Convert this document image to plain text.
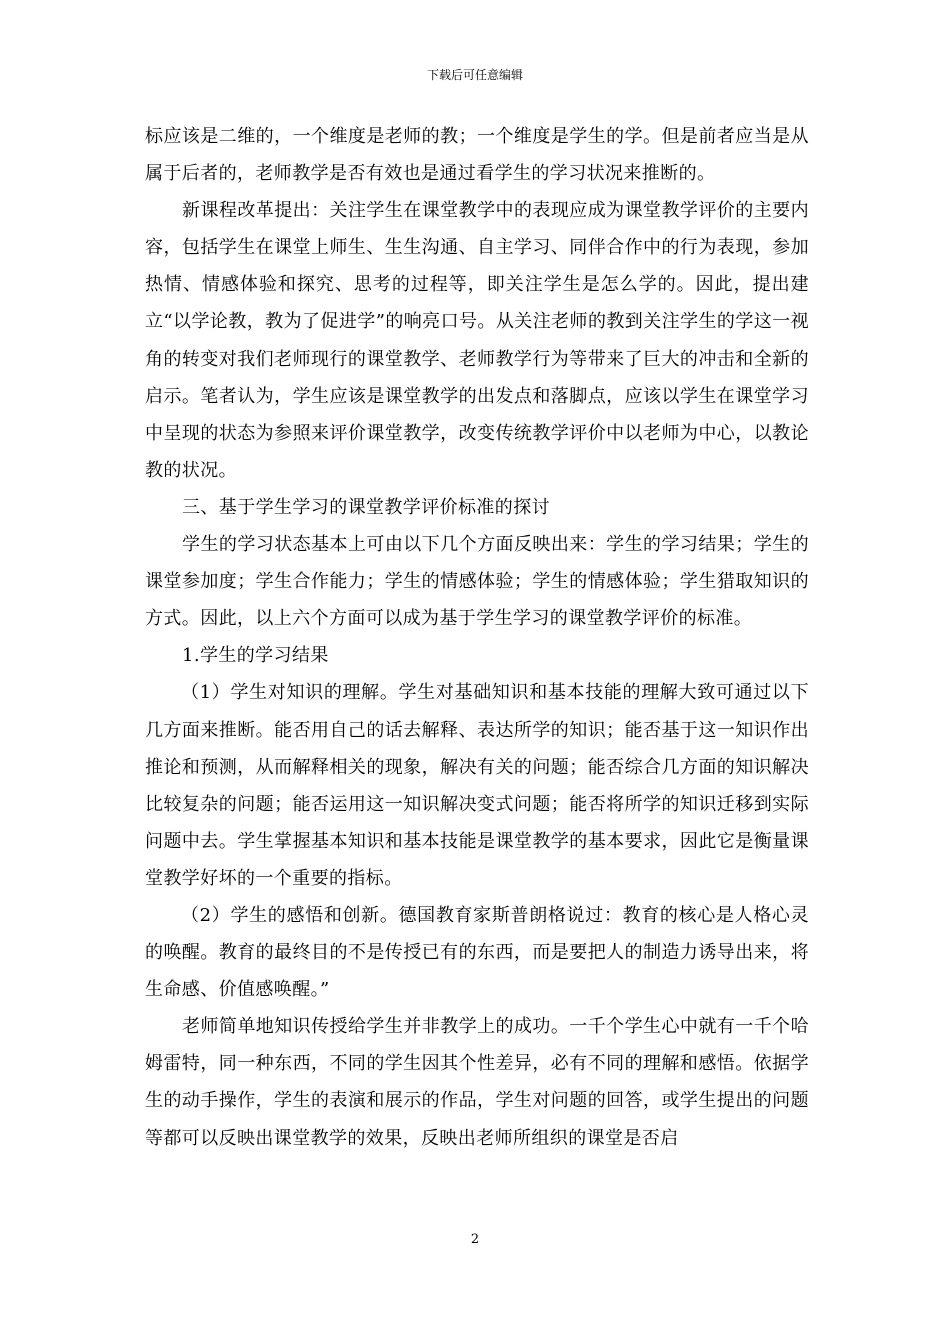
下载后可任意编辑

标应该是二维的，一个维度是老师的教；一个维度是学生的学。但是前者应当是从属于后者的，老师教学是否有效也是通过看学生的学习状况来推断的。

新课程改革提出：关注学生在课堂教学中的表现应成为课堂教学评价的主要内容，包括学生在课堂上师生、生生沟通、自主学习、同伴合作中的行为表现，参加热情、情感体验和探究、思考的过程等，即关注学生是怎么学的。因此，提出建立“以学论教，教为了促进学”的响亮口号。从关注老师的教到关注学生的学这一视角的转变对我们老师现行的课堂教学、老师教学行为等带来了巨大的冲击和全新的启示。笔者认为，学生应该是课堂教学的出发点和落脚点，应该以学生在课堂学习中呈现的状态为参照来评价课堂教学，改变传统教学评价中以老师为中心，以教论教的状况。

三、基于学生学习的课堂教学评价标准的探讨

学生的学习状态基本上可由以下几个方面反映出来：学生的学习结果；学生的课堂参加度；学生合作能力；学生的情感体验；学生的情感体验；学生猎取知识的方式。因此，以上六个方面可以成为基于学生学习的课堂教学评价的标准。

1.学生的学习结果

（1）学生对知识的理解。学生对基础知识和基本技能的理解大致可通过以下几方面来推断。能否用自己的话去解释、表达所学的知识；能否基于这一知识作出推论和预测，从而解释相关的现象，解决有关的问题；能否综合几方面的知识解决比较复杂的问题；能否运用这一知识解决变式问题；能否将所学的知识迁移到实际问题中去。学生掌握基本知识和基本技能是课堂教学的基本要求，因此它是衡量课堂教学好坏的一个重要的指标。

（2）学生的感悟和创新。德国教育家斯普朗格说过：教育的核心是人格心灵的唤醒。教育的最终目的不是传授已有的东西，而是要把人的制造力诱导出来，将生命感、价值感唤醒。”

老师简单地知识传授给学生并非教学上的成功。一千个学生心中就有一千个哈姆雷特，同一种东西，不同的学生因其个性差异，必有不同的理解和感悟。依据学生的动手操作，学生的表演和展示的作品，学生对问题的回答，或学生提出的问题等都可以反映出课堂教学的效果，反映出老师所组织的课堂是否启

2
